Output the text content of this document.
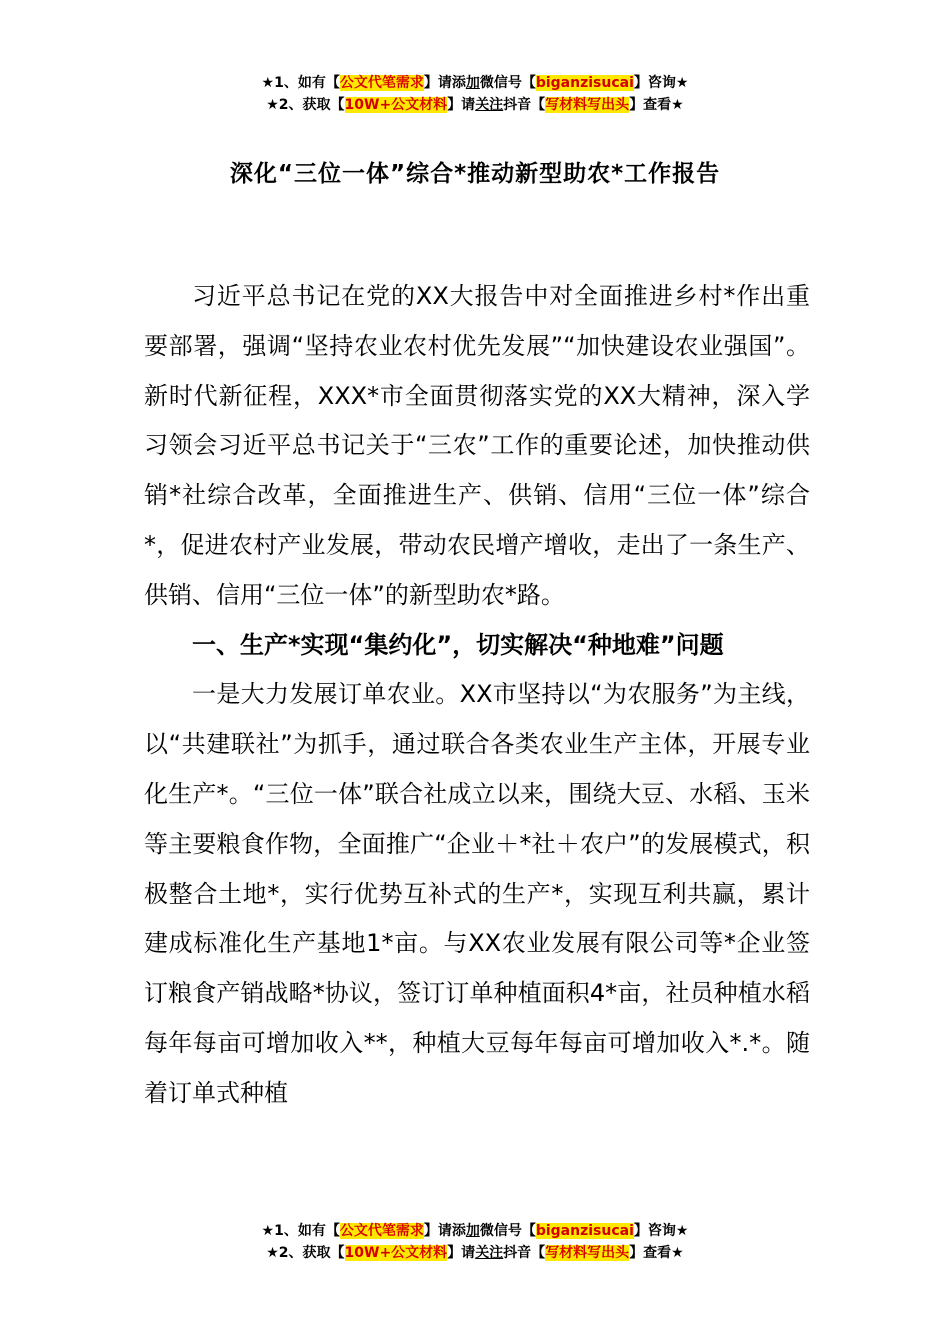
★1、如有【公文代笔需求】请添加微信号【biganzisucai】咨询★
★2、获取【10W+公文材料】请关注抖音【写材料写出头】查看★
深化“三位一体”综合*推动新型助农*工作报告

习近平总书记在党的XX大报告中对全面推进乡村*作出重要部署，强调“坚持农业农村优先发展”“加快建设农业强国”。新时代新征程，XXX*市全面贯彻落实党的XX大精神，深入学习领会习近平总书记关于“三农”工作的重要论述，加快推动供销*社综合改革，全面推进生产、供销、信用“三位一体”综合*，促进农村产业发展，带动农民增产增收，走出了一条生产、供销、信用“三位一体”的新型助农*路。

一、生产*实现“集约化”，切实解决“种地难”问题

一是大力发展订单农业。XX市坚持以“为农服务”为主线，以“共建联社”为抓手，通过联合各类农业生产主体，开展专业化生产*。“三位一体”联合社成立以来，围绕大豆、水稻、玉米等主要粮食作物，全面推广“企业＋*社＋农户”的发展模式，积极整合土地*，实行优势互补式的生产*，实现互利共赢，累计建成标准化生产基地1*亩。与XX农业发展有限公司等*企业签订粮食产销战略*协议，签订订单种植面积4*亩，社员种植水稻每年每亩可增加收入**，种植大豆每年每亩可增加收入*.*。随着订单式种植

★1、如有【公文代笔需求】请添加微信号【biganzisucai】咨询★
★2、获取【10W+公文材料】请关注抖音【写材料写出头】查看★
